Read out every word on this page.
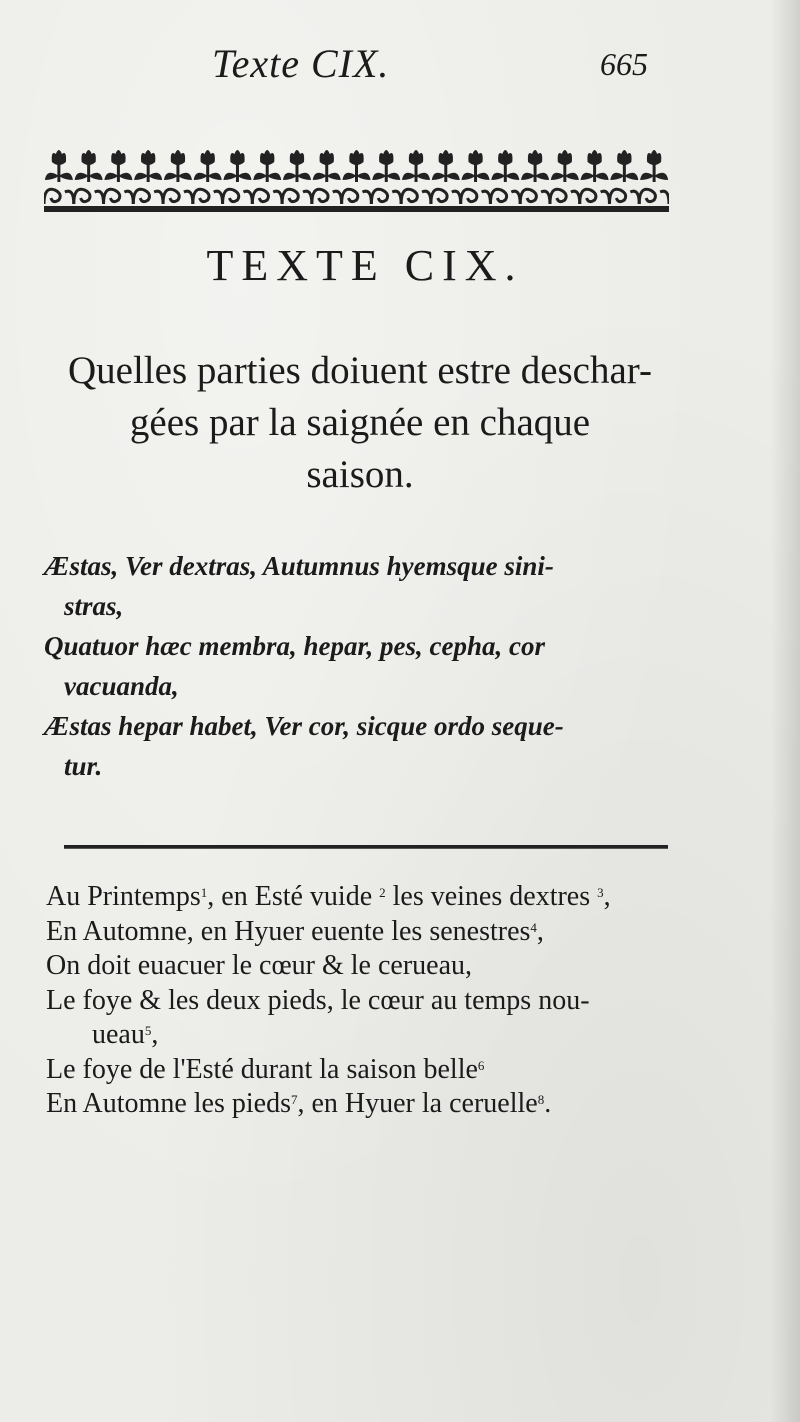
Texte CIX.	665
TEXTE CIX.
Quelles parties doiuent estre deschar-
gées par la saignée en chaque
saison.
Æstas, Ver dextras, Autumnus hyemsque sini-
stras,
Quatuor hæc membra, hepar, pes, cepha, cor
vacuanda,
Æstas hepar habet, Ver cor, sicque ordo seque-
tur.
Au Printemps$^1$, en Esté vuide $^2$ les veines dextres $^3$,
En Automne, en Hyuer euente les senestres$^4$,
On doit euacuer le cœur & le cerueau,
Le foye & les deux pieds, le cœur au temps nou-
ueau$^5$,
Le foye de l'Esté durant la saison belle$^6$
En Automne les pieds$^7$, en Hyuer la ceruelle$^8$.
